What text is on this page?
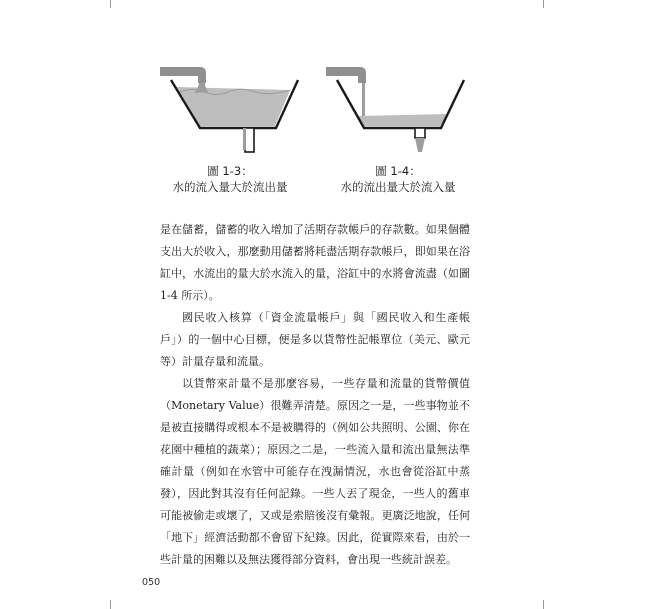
圖 1-3：
水的流入量大於流出量
圖 1-4：
水的流出量大於流入量

是在儲蓄，儲蓄的收入增加了活期存款帳戶的存款數。如果個體支出大於收入，那麼動用儲蓄將耗盡活期存款帳戶，即如果在浴缸中，水流出的量大於水流入的量，浴缸中的水將會流盡（如圖 1-4 所示）。

國民收入核算（「資金流量帳戶」與「國民收入和生產帳戶」）的一個中心目標，便是多以貨幣性記帳單位（美元、歐元等）計量存量和流量。

以貨幣來計量不是那麼容易，一些存量和流量的貨幣價值（Monetary Value）很難弄清楚。原因之一是，一些事物並不是被直接購得或根本不是被購得的（例如公共照明、公園、你在花園中種植的蔬菜）；原因之二是，一些流入量和流出量無法準確計量（例如在水管中可能存在洩漏情況，水也會從浴缸中蒸發），因此對其沒有任何記錄。一些人丟了現金，一些人的舊車可能被偷走或壞了，又或是索賠後沒有彙報。更廣泛地說，任何「地下」經濟活動都不會留下紀錄。因此，從實際來看，由於一些計量的困難以及無法獲得部分資料，會出現一些統計誤差。

050
